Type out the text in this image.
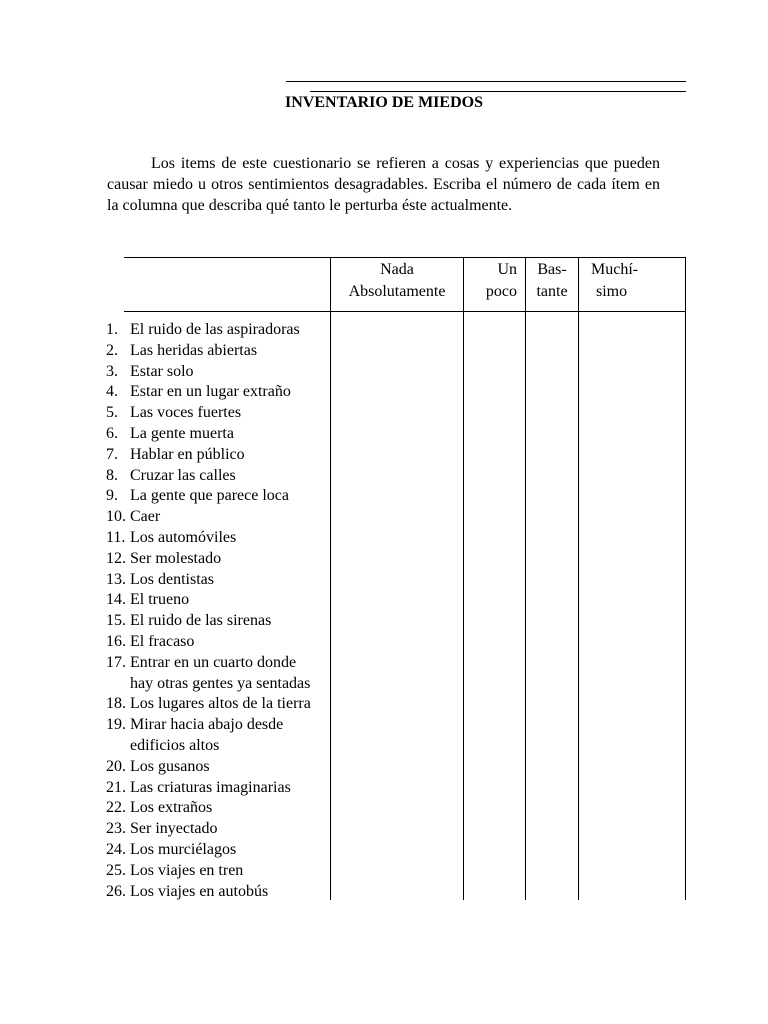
INVENTARIO DE MIEDOS

Los items de este cuestionario se refieren a cosas y experiencias que pueden causar miedo u otros sentimientos desagradables. Escriba el número de cada ítem en la columna que describa qué tanto le perturba éste actualmente.

Nada
Absolutamente
Un
poco
Bas-
tante
Muchí-
simo
1. El ruido de las aspiradoras
2. Las heridas abiertas
3. Estar solo
4. Estar en un lugar extraño
5. Las voces fuertes
6. La gente muerta
7. Hablar en público
8. Cruzar las calles
9. La gente que parece loca
10. Caer
11. Los automóviles
12. Ser molestado
13. Los dentistas
14. El trueno
15. El ruido de las sirenas
16. El fracaso
17. Entrar en un cuarto donde
hay otras gentes ya sentadas
18. Los lugares altos de la tierra
19. Mirar hacia abajo desde
edificios altos
20. Los gusanos
21. Las criaturas imaginarias
22. Los extraños
23. Ser inyectado
24. Los murciélagos
25. Los viajes en tren
26. Los viajes en autobús
